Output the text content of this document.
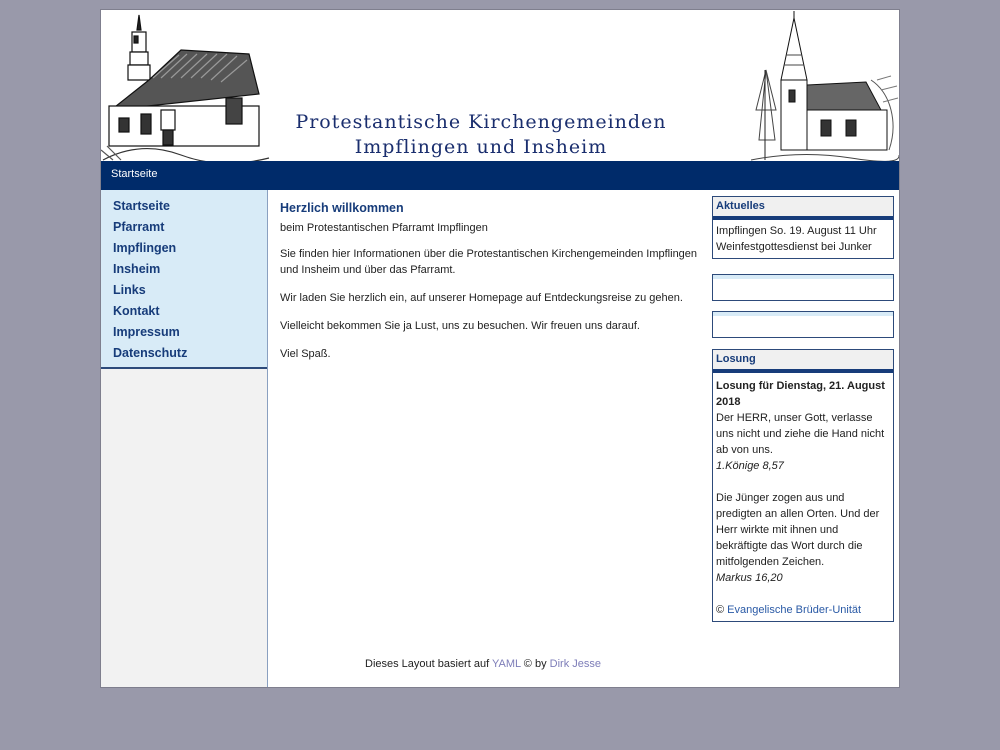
Protestantische Kirchengemeinden
Impflingen und Insheim
Startseite
Startseite
Pfarramt
Impflingen
Insheim
Links
Kontakt
Impressum
Datenschutz
Herzlich willkommen

beim Protestantischen Pfarramt Impflingen

Sie finden hier Informationen über die Protestantischen Kirchengemeinden Impflingen und Insheim und über das Pfarramt.

Wir laden Sie herzlich ein, auf unserer Homepage auf Entdeckungsreise zu gehen.

Vielleicht bekommen Sie ja Lust, uns zu besuchen. Wir freuen uns darauf.

Viel Spaß.

Aktuelles
Impflingen So. 19. August 11 Uhr Weinfestgottesdienst bei Junker
Losung
Losung für Dienstag, 21. August 2018
Der HERR, unser Gott, verlasse uns nicht und ziehe die Hand nicht ab von uns.
1.Könige 8,57
Die Jünger zogen aus und predigten an allen Orten. Und der Herr wirkte mit ihnen und bekräftigte das Wort durch die mitfolgenden Zeichen.
Markus 16,20
© Evangelische Brüder-Unität
Dieses Layout basiert auf YAML © by Dirk Jesse
